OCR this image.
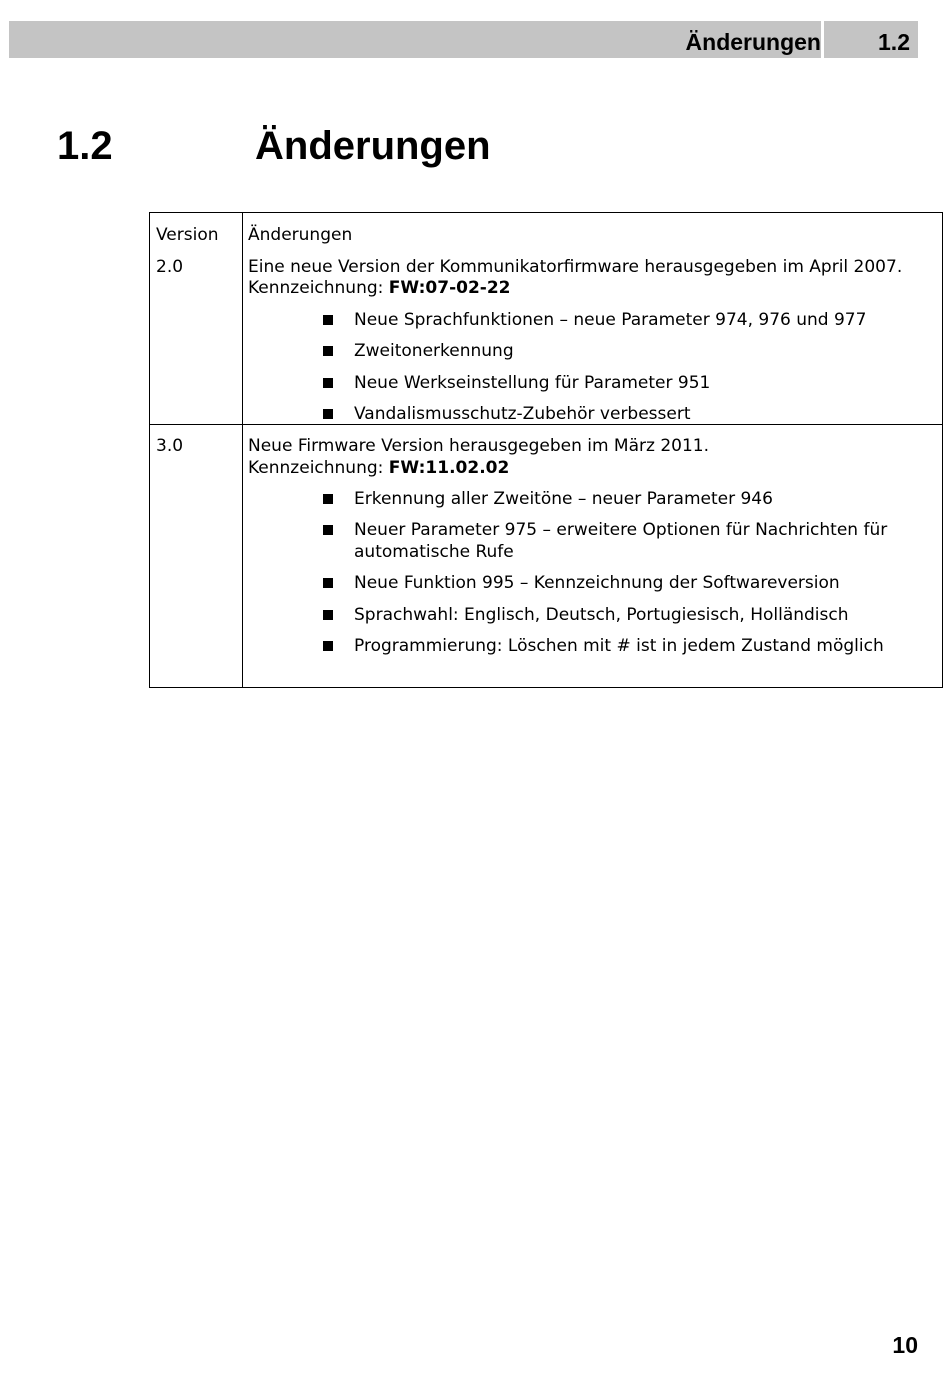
Änderungen	1.2
1.2	Änderungen
Version Änderungen
2.0	Eine neue Version der Kommunikatorfirmware herausgegeben im April 2007.
Kennzeichnung: FW:07-02-22
Neue Sprachfunktionen – neue Parameter 974, 976 und 977
Zweitonerkennung
Neue Werkseinstellung für Parameter 951
Vandalismusschutz-Zubehör verbessert
3.0	Neue Firmware Version herausgegeben im März 2011.
Kennzeichnung: FW:11.02.02
Erkennung aller Zweitöne – neuer Parameter 946
Neuer Parameter 975 – erweitere Optionen für Nachrichten für
automatische Rufe
Neue Funktion 995 – Kennzeichnung der Softwareversion
Sprachwahl: Englisch, Deutsch, Portugiesisch, Holländisch
Programmierung: Löschen mit # ist in jedem Zustand möglich
10
